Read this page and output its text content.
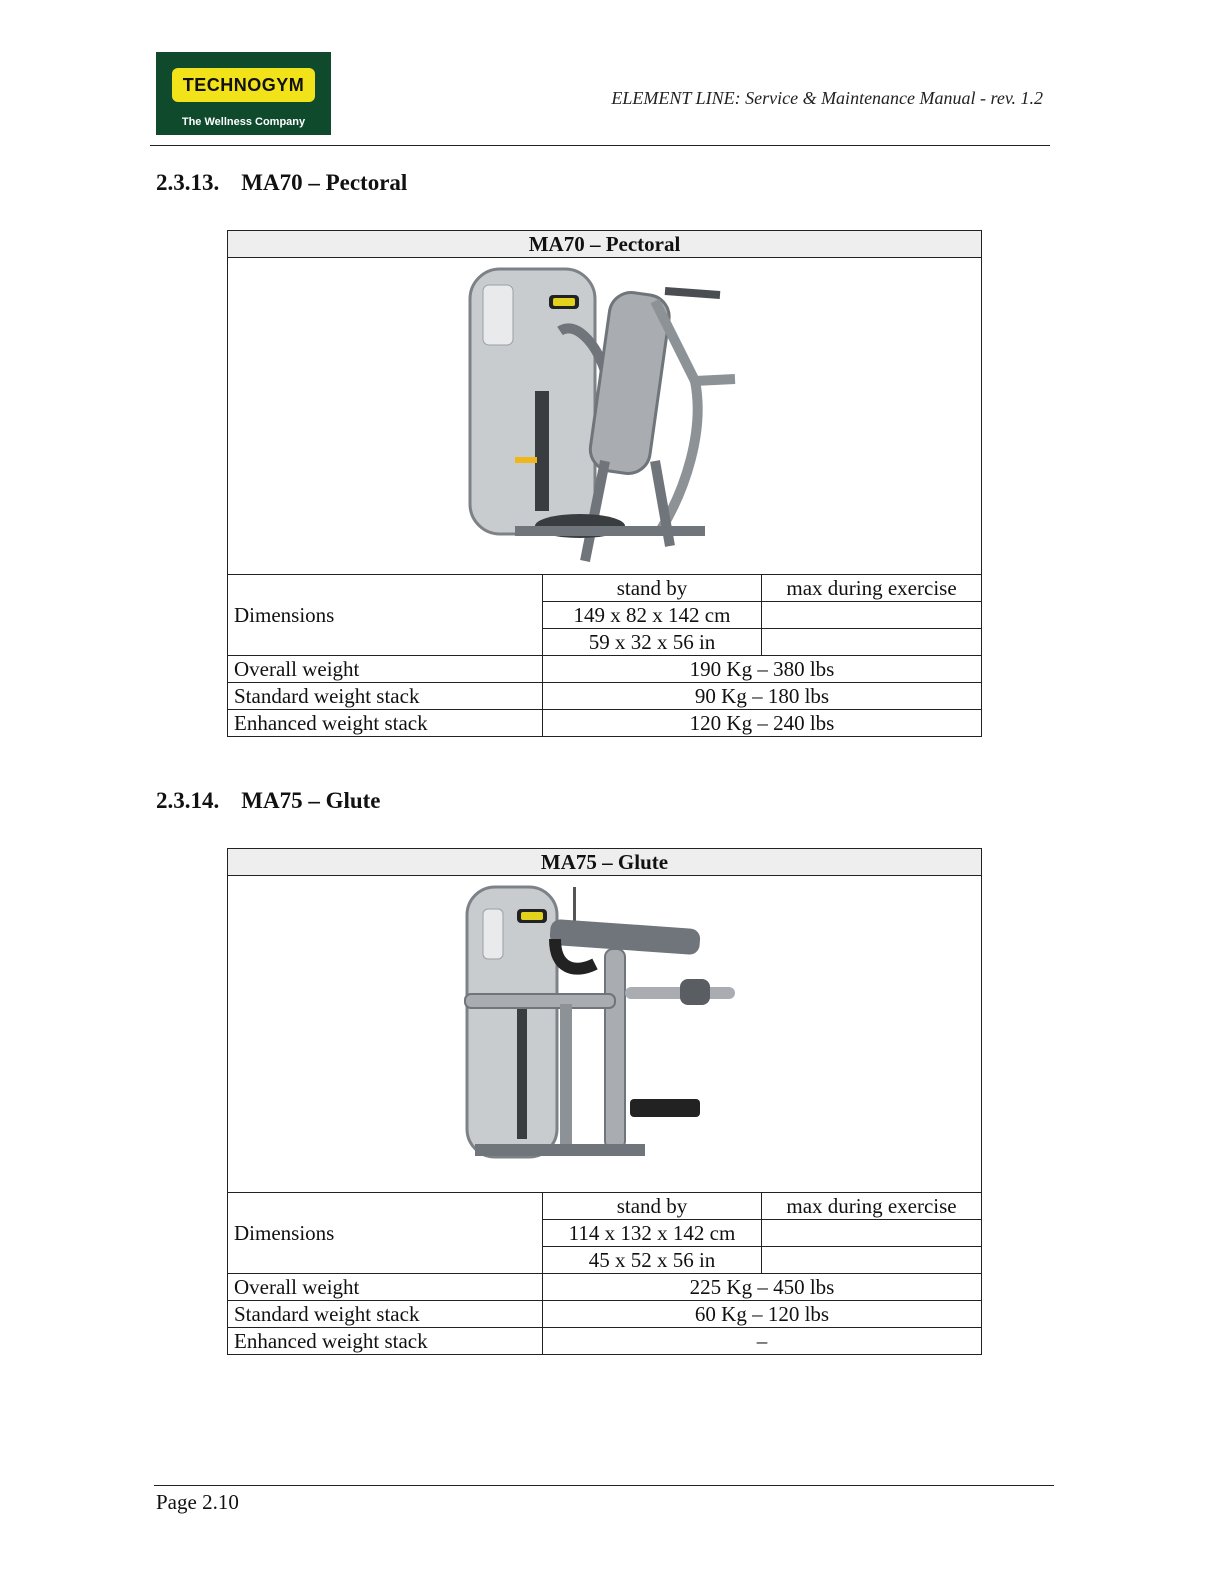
TECHNOGYM
The Wellness Company
ELEMENT LINE: Service & Maintenance Manual - rev. 1.2
2.3.13. MA70 – Pectoral
MA70 – Pectoral		

Dimensions	stand by	max during exercise
	149 x 82 x 142 cm	
	59 x 32 x 56 in	
Overall weight	190 Kg – 380 lbs	
Standard weight stack	90 Kg – 180 lbs	
Enhanced weight stack	120 Kg – 240 lbs	
2.3.14. MA75 – Glute
MA75 – Glute		

Dimensions	stand by	max during exercise
	114 x 132 x 142 cm	
	45 x 52 x 56 in	
Overall weight	225 Kg – 450 lbs	
Standard weight stack	60 Kg – 120 lbs	
Enhanced weight stack	–	
Page 2.10
